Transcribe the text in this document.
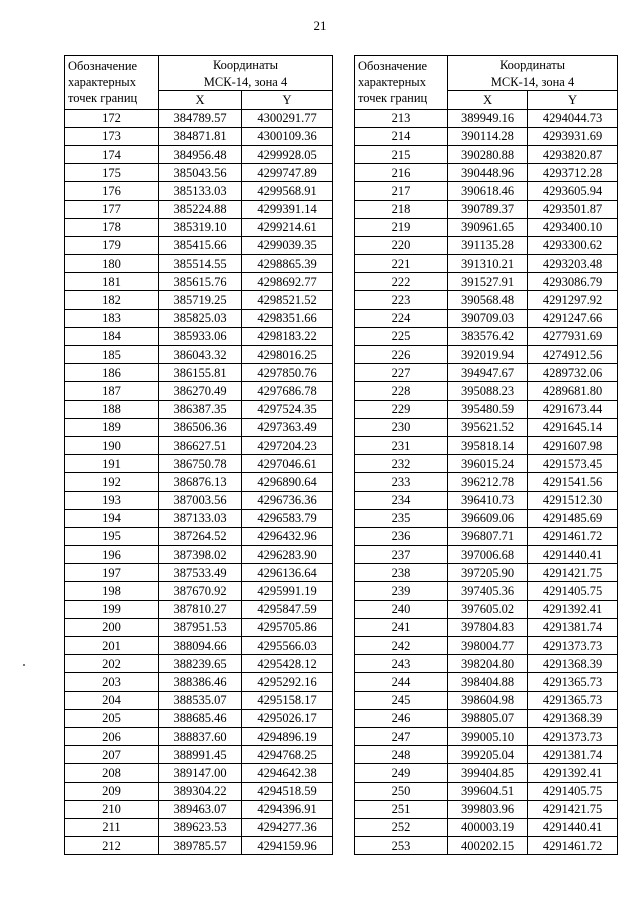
21
Обозначение
характерных
точек границ	Координаты	
	МСК-14, зона 4	
	X	Y
172	384789.57	4300291.77
173	384871.81	4300109.36
174	384956.48	4299928.05
175	385043.56	4299747.89
176	385133.03	4299568.91
177	385224.88	4299391.14
178	385319.10	4299214.61
179	385415.66	4299039.35
180	385514.55	4298865.39
181	385615.76	4298692.77
182	385719.25	4298521.52
183	385825.03	4298351.66
184	385933.06	4298183.22
185	386043.32	4298016.25
186	386155.81	4297850.76
187	386270.49	4297686.78
188	386387.35	4297524.35
189	386506.36	4297363.49
190	386627.51	4297204.23
191	386750.78	4297046.61
192	386876.13	4296890.64
193	387003.56	4296736.36
194	387133.03	4296583.79
195	387264.52	4296432.96
196	387398.02	4296283.90
197	387533.49	4296136.64
198	387670.92	4295991.19
199	387810.27	4295847.59
200	387951.53	4295705.86
201	388094.66	4295566.03
202	388239.65	4295428.12
203	388386.46	4295292.16
204	388535.07	4295158.17
205	388685.46	4295026.17
206	388837.60	4294896.19
207	388991.45	4294768.25
208	389147.00	4294642.38
209	389304.22	4294518.59
210	389463.07	4294396.91
211	389623.53	4294277.36
212	389785.57	4294159.96
Обозначение
характерных
точек границ	Координаты	
	МСК-14, зона 4	
	X	Y
213	389949.16	4294044.73
214	390114.28	4293931.69
215	390280.88	4293820.87
216	390448.96	4293712.28
217	390618.46	4293605.94
218	390789.37	4293501.87
219	390961.65	4293400.10
220	391135.28	4293300.62
221	391310.21	4293203.48
222	391527.91	4293086.79
223	390568.48	4291297.92
224	390709.03	4291247.66
225	383576.42	4277931.69
226	392019.94	4274912.56
227	394947.67	4289732.06
228	395088.23	4289681.80
229	395480.59	4291673.44
230	395621.52	4291645.14
231	395818.14	4291607.98
232	396015.24	4291573.45
233	396212.78	4291541.56
234	396410.73	4291512.30
235	396609.06	4291485.69
236	396807.71	4291461.72
237	397006.68	4291440.41
238	397205.90	4291421.75
239	397405.36	4291405.75
240	397605.02	4291392.41
241	397804.83	4291381.74
242	398004.77	4291373.73
243	398204.80	4291368.39
244	398404.88	4291365.73
245	398604.98	4291365.73
246	398805.07	4291368.39
247	399005.10	4291373.73
248	399205.04	4291381.74
249	399404.85	4291392.41
250	399604.51	4291405.75
251	399803.96	4291421.75
252	400003.19	4291440.41
253	400202.15	4291461.72
